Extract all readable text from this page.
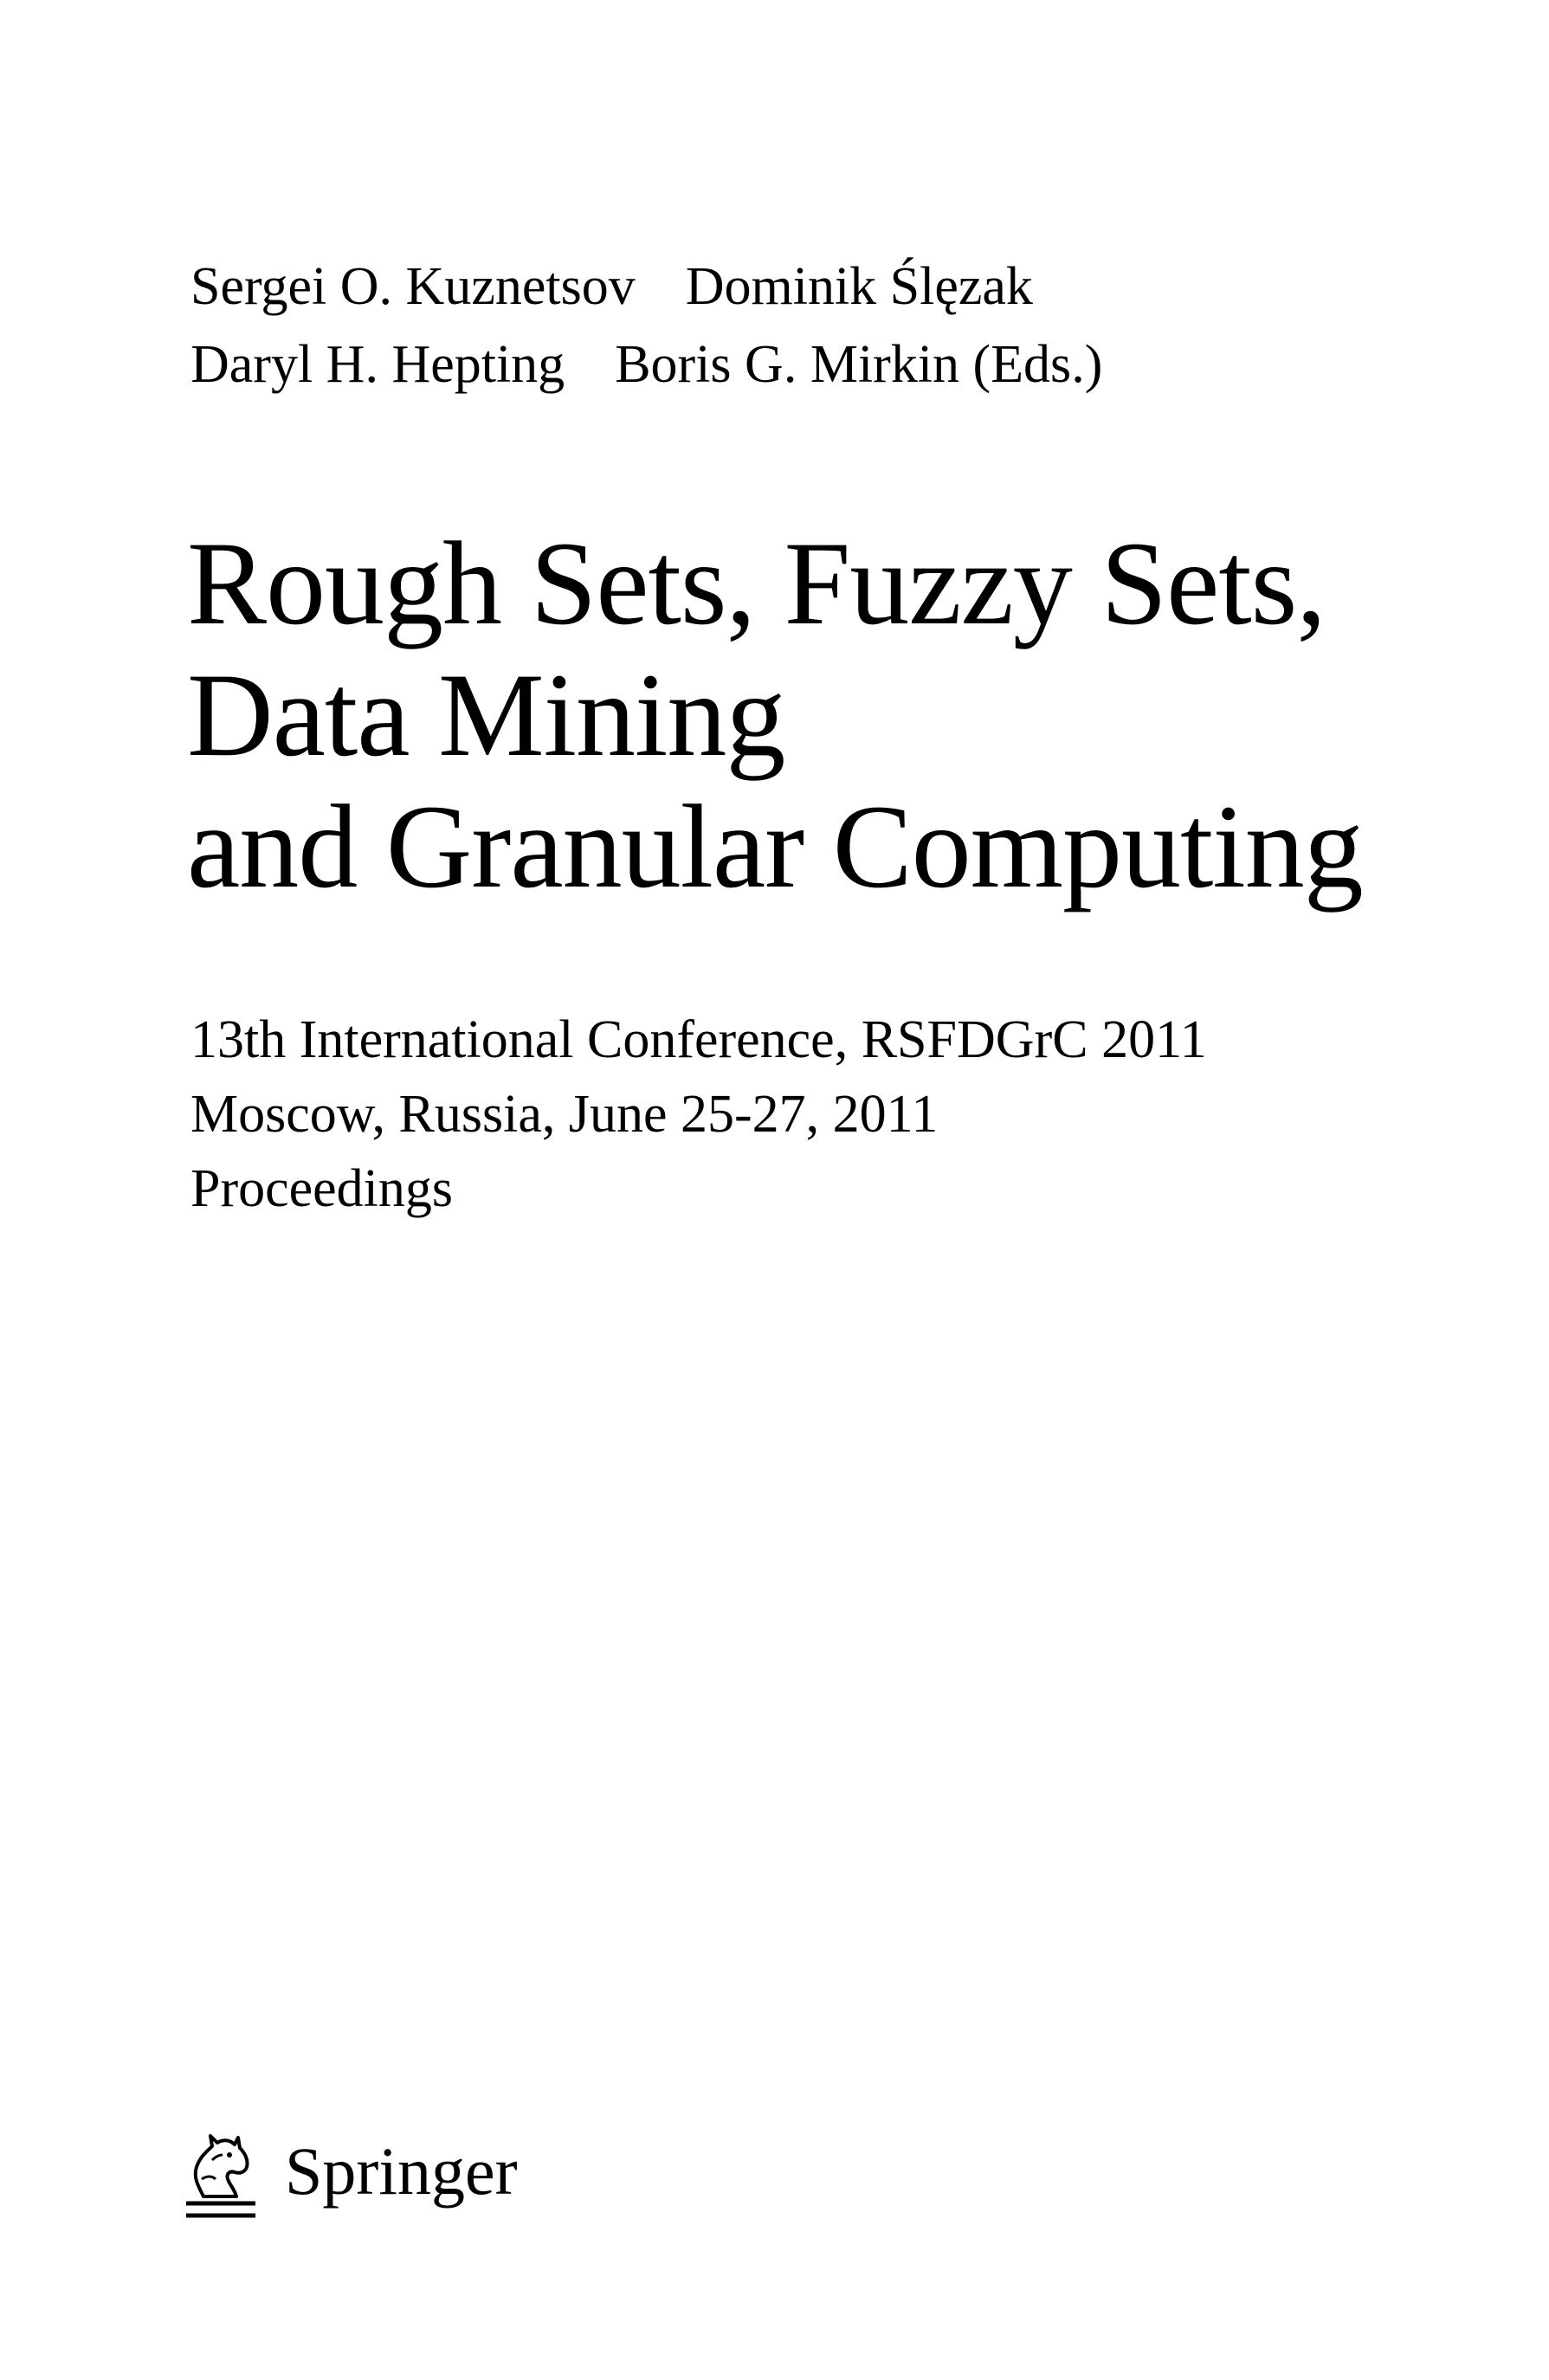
Sergei O. Kuznetsov Dominik Ślęzak
Daryl H. Hepting Boris G. Mirkin (Eds.)
Rough Sets, Fuzzy Sets,
Data Mining
and Granular Computing
13th International Conference, RSFDGrC 2011
Moscow, Russia, June 25-27, 2011
Proceedings
Springer
